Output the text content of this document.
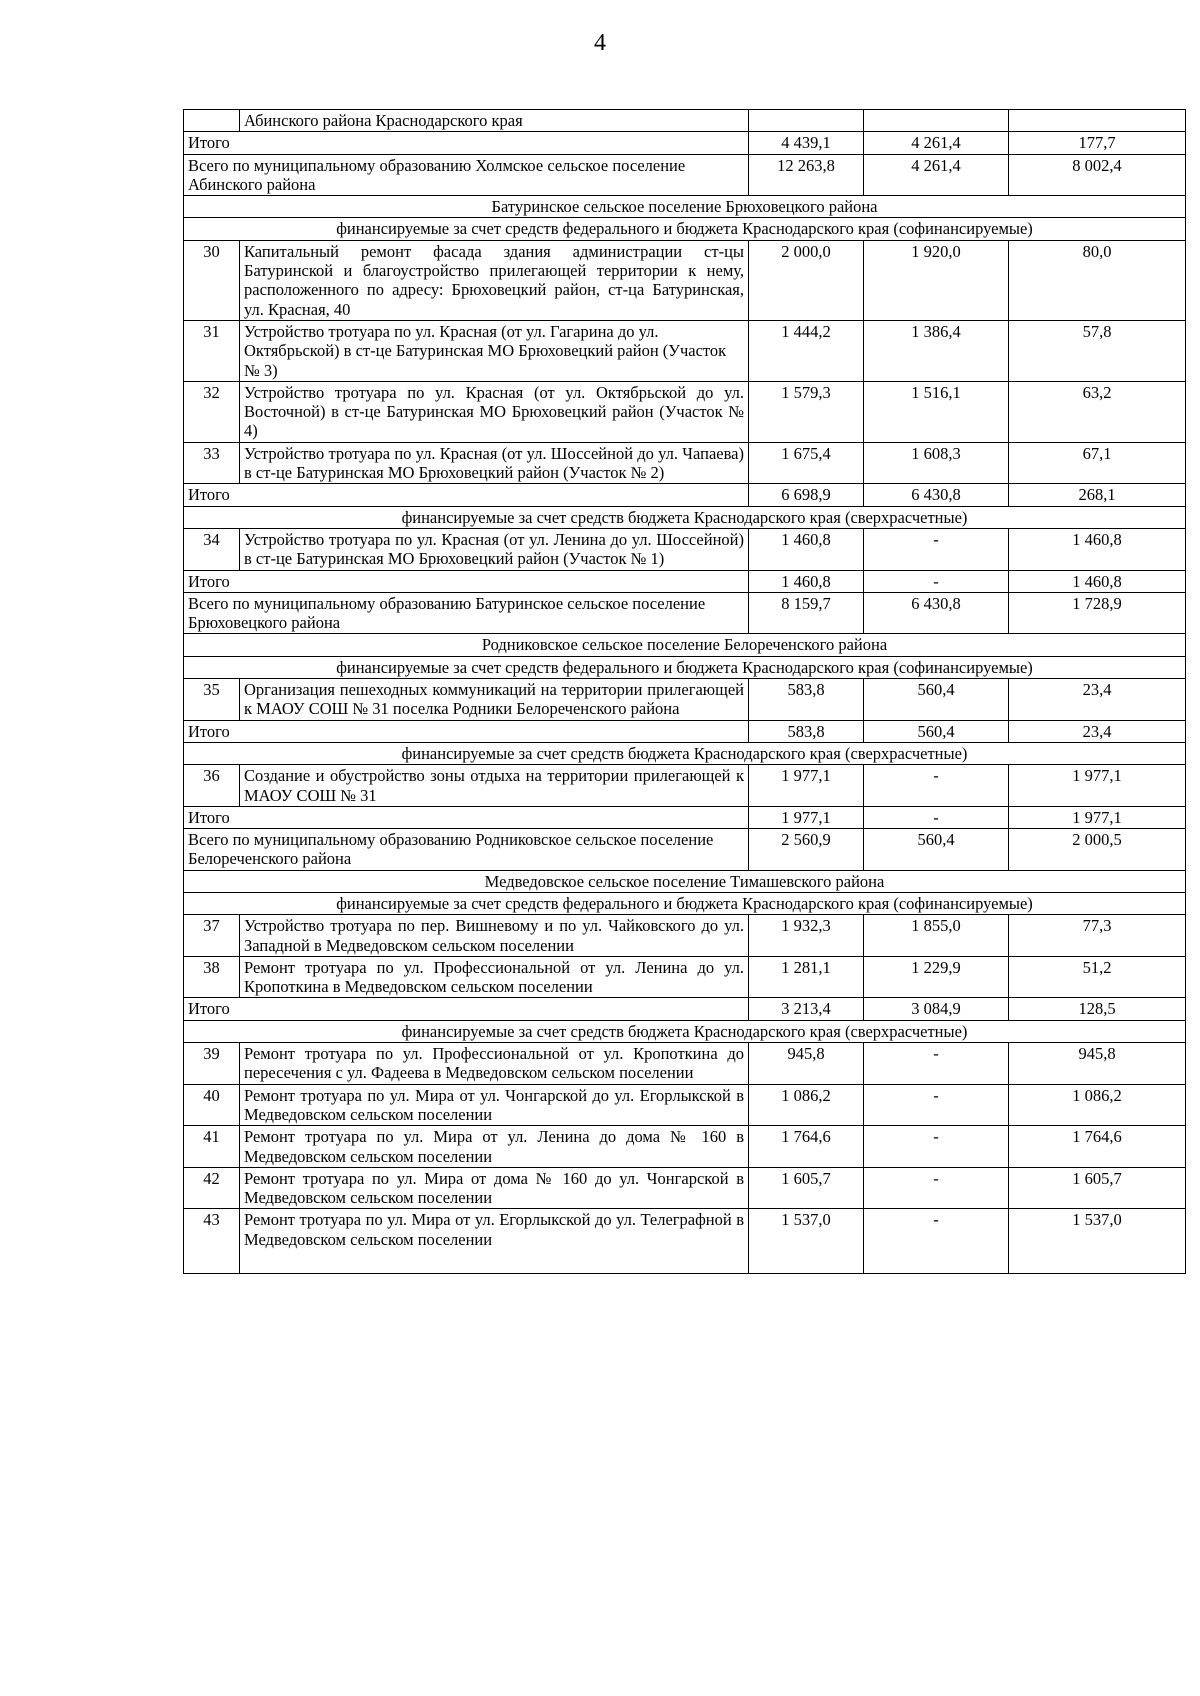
4
	Абинского района Краснодарского края			
Итого		4 439,1	4 261,4	177,7
Всего по муниципальному образованию Холмское сельское поселение Абинского района		12 263,8	4 261,4	8 002,4
Батуринское сельское поселение Брюховецкого района				
финансируемые за счет средств федерального и бюджета Краснодарского края (софинансируемые)				
30	Капитальный ремонт фасада здания администрации ст-цы Батуринской и благоустройство прилегающей территории к нему, расположенного по адресу: Брюховецкий район, ст-ца Батуринская, ул. Красная, 40	2 000,0	1 920,0	80,0
31	Устройство тротуара по ул. Красная (от ул. Гагарина до ул. Октябрьской) в ст-це Батуринская МО Брюховецкий район (Участок № 3)	1 444,2	1 386,4	57,8
32	Устройство тротуара по ул. Красная (от ул. Октябрьской до ул. Восточной) в ст-це Батуринская МО Брюховецкий район (Участок № 4)	1 579,3	1 516,1	63,2
33	Устройство тротуара по ул. Красная (от ул. Шоссейной до ул. Чапаева) в ст-це Батуринская МО Брюховецкий район (Участок № 2)	1 675,4	1 608,3	67,1
Итого		6 698,9	6 430,8	268,1
финансируемые за счет средств бюджета Краснодарского края (сверхрасчетные)				
34	Устройство тротуара по ул. Красная (от ул. Ленина до ул. Шоссейной) в ст-це Батуринская МО Брюховецкий район (Участок № 1)	1 460,8	-	1 460,8
Итого		1 460,8	-	1 460,8
Всего по муниципальному образованию Батуринское сельское поселение Брюховецкого района		8 159,7	6 430,8	1 728,9
Родниковское сельское поселение Белореченского района				
финансируемые за счет средств федерального и бюджета Краснодарского края (софинансируемые)				
35	Организация пешеходных коммуникаций на территории прилегающей к МАОУ СОШ № 31 поселка Родники Белореченского района	583,8	560,4	23,4
Итого		583,8	560,4	23,4
финансируемые за счет средств бюджета Краснодарского края (сверхрасчетные)				
36	Создание и обустройство зоны отдыха на территории прилегающей к МАОУ СОШ № 31	1 977,1	-	1 977,1
Итого		1 977,1	-	1 977,1
Всего по муниципальному образованию Родниковское сельское поселение Белореченского района		2 560,9	560,4	2 000,5
Медведовское сельское поселение Тимашевского района				
финансируемые за счет средств федерального и бюджета Краснодарского края (софинансируемые)				
37	Устройство тротуара по пер. Вишневому и по ул. Чайковского до ул. Западной в Медведовском сельском поселении	1 932,3	1 855,0	77,3
38	Ремонт тротуара по ул. Профессиональной от ул. Ленина до ул. Кропоткина в Медведовском сельском поселении	1 281,1	1 229,9	51,2
Итого		3 213,4	3 084,9	128,5
финансируемые за счет средств бюджета Краснодарского края (сверхрасчетные)				
39	Ремонт тротуара по ул. Профессиональной от ул. Кропоткина до пересечения с ул. Фадеева в Медведовском сельском поселении	945,8	-	945,8
40	Ремонт тротуара по ул. Мира от ул. Чонгарской до ул. Егорлыкской в Медведовском сельском поселении	1 086,2	-	1 086,2
41	Ремонт тротуара по ул. Мира от ул. Ленина до дома № 160 в Медведовском сельском поселении	1 764,6	-	1 764,6
42	Ремонт тротуара по ул. Мира от дома № 160 до ул. Чонгарской в Медведовском сельском поселении	1 605,7	-	1 605,7
43	Ремонт тротуара по ул. Мира от ул. Егорлыкской до ул. Телеграфной в Медведовском сельском поселении	1 537,0	-	1 537,0
